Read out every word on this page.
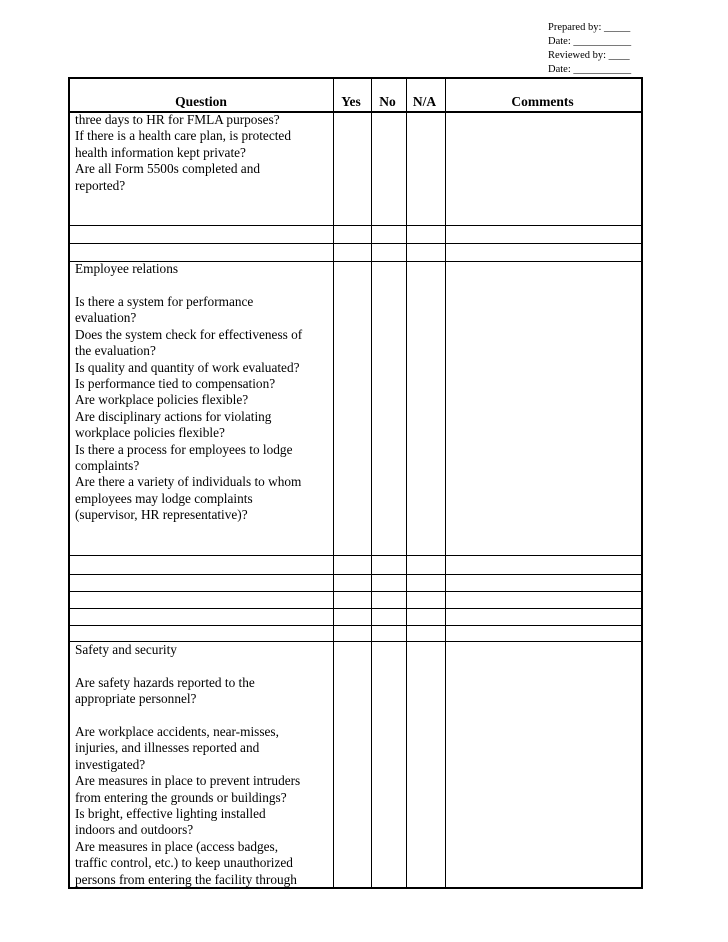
Prepared by: _____
Date: ___________
Reviewed by: ____
Date: ___________
Question	Yes	No	N/A	Comments
three days to HR for FMLA purposes?
If there is a health care plan, is protected
health information kept private?
Are all Form 5500s completed and
reported?
Employee relations
Is there a system for performance
evaluation?
Does the system check for effectiveness of
the evaluation?
Is quality and quantity of work evaluated?
Is performance tied to compensation?
Are workplace policies flexible?
Are disciplinary actions for violating
workplace policies flexible?
Is there a process for employees to lodge
complaints?
Are there a variety of individuals to whom
employees may lodge complaints
(supervisor, HR representative)?
Safety and security
Are safety hazards reported to the
appropriate personnel?
Are workplace accidents, near-misses,
injuries, and illnesses reported and
investigated?
Are measures in place to prevent intruders
from entering the grounds or buildings?
Is bright, effective lighting installed
indoors and outdoors?
Are measures in place (access badges,
traffic control, etc.) to keep unauthorized
persons from entering the facility through
